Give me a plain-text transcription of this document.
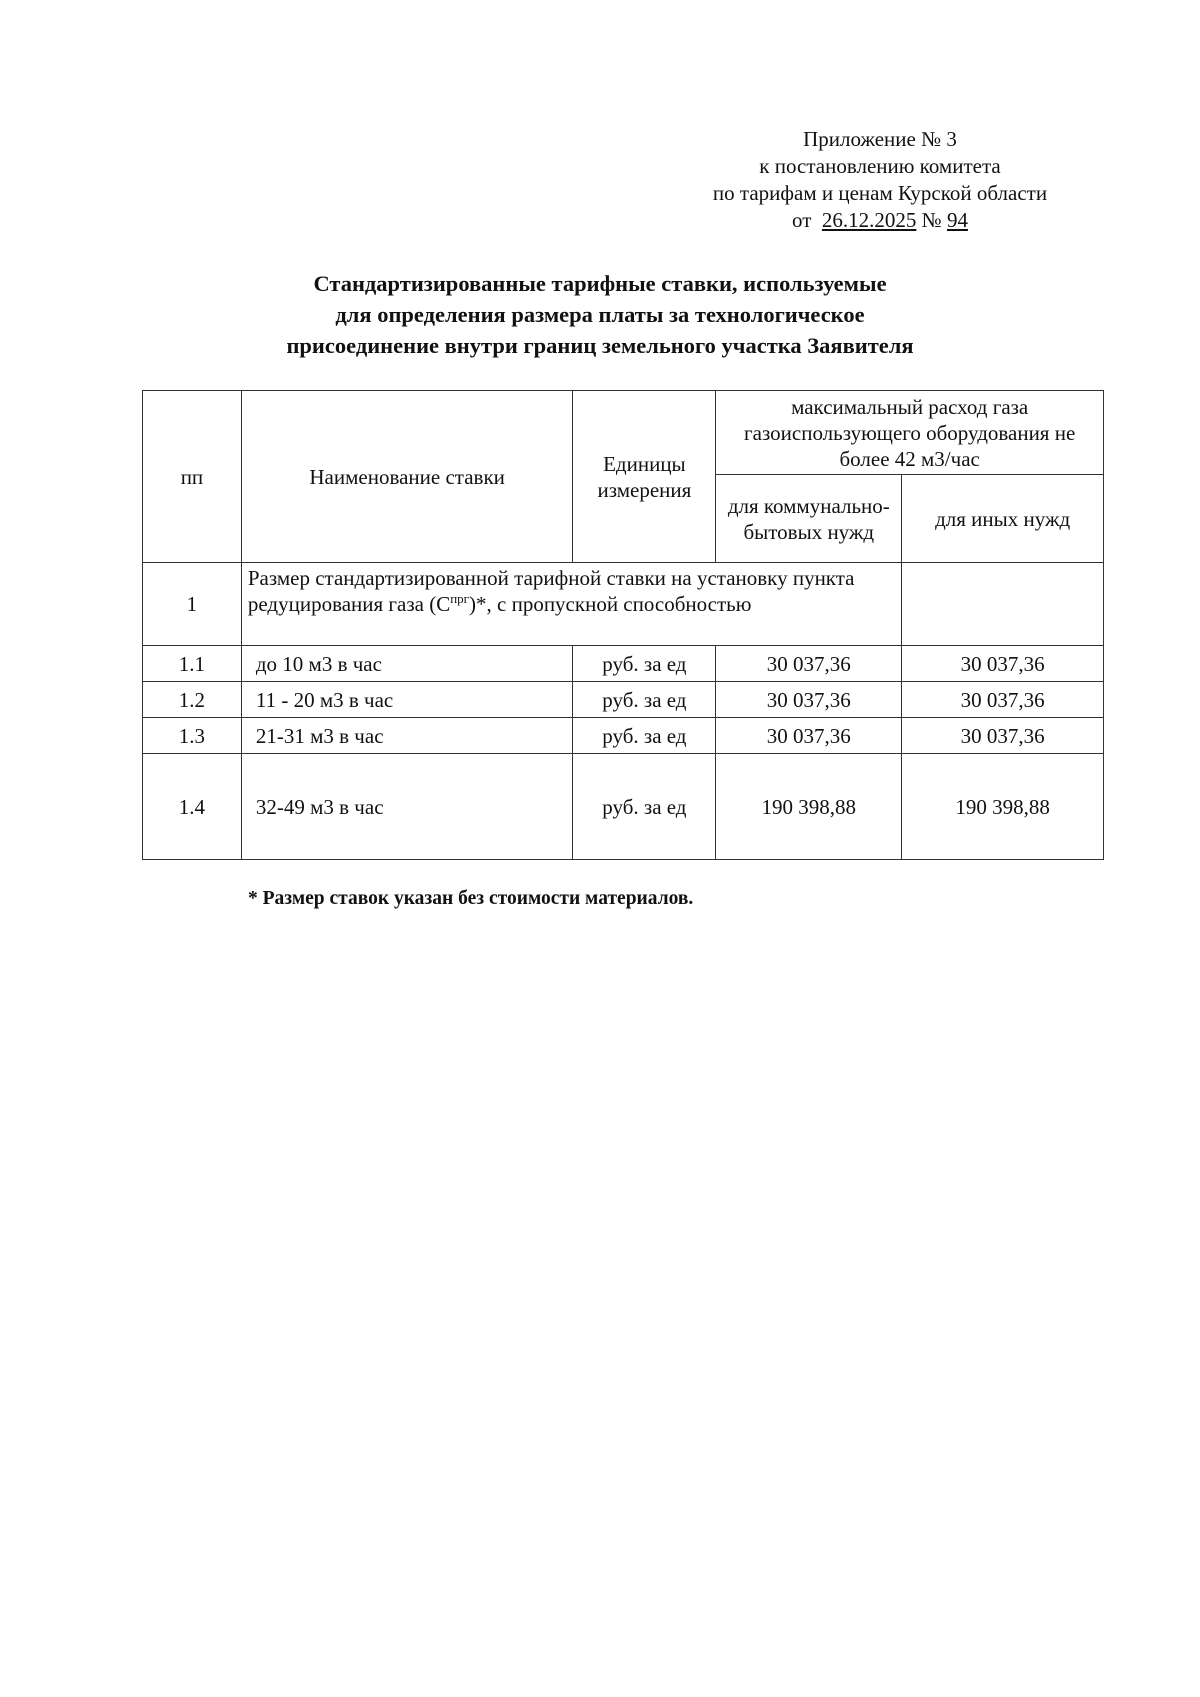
Приложение № 3
к постановлению комитета
по тарифам и ценам Курской области
от 26.12.2025 № 94
Стандартизированные тарифные ставки, используемые
для определения размера платы за технологическое
присоединение внутри границ земельного участка Заявителя
пп	Наименование ставки	Единицы измерения	максимальный расход газа газоиспользующего оборудования не более 42 м3/час	
			для коммунально-бытовых нужд	для иных нужд
1	Размер стандартизированной тарифной ставки на установку пункта редуцирования газа $(С^{прг})*$, с пропускной способностью			
1.1	до 10 м3 в час	руб. за ед	30 037,36	30 037,36
1.2	11 - 20 м3 в час	руб. за ед	30 037,36	30 037,36
1.3	21-31 м3 в час	руб. за ед	30 037,36	30 037,36
1.4	32-49 м3 в час	руб. за ед	190 398,88	190 398,88
* Размер ставок указан без стоимости материалов.
